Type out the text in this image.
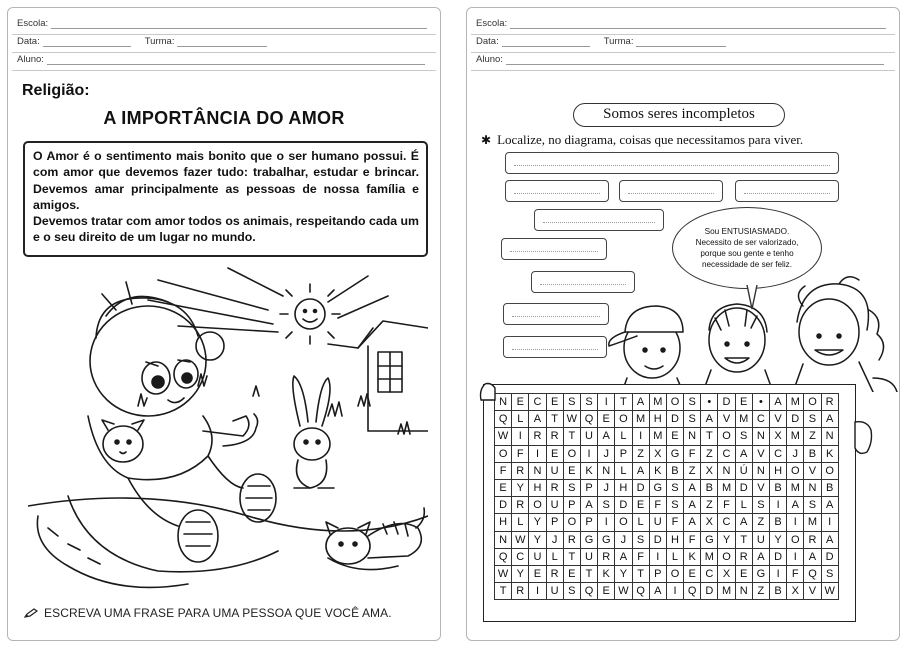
Escola:
Data:	Turma:
Aluno:
Religião:
A IMPORTÂNCIA DO AMOR

O Amor é o sentimento mais bonito que o ser humano possui. É com amor que devemos fazer tudo: trabalhar, estudar e brincar. Devemos amar principalmente as pessoas de nossa família e amigos.

Devemos tratar com amor todos os animais, respeitando cada um e o seu direito de um lugar no mundo.

ESCREVA UMA FRASE PARA UMA PESSOA QUE VOCÊ AMA.
Escola:
Data:	Turma:
Aluno:
Somos seres incompletos
✱ Localize, no diagrama, coisas que necessitamos para viver.
Sou ENTUSIASMADO.
Necessito de ser valorizado,
porque sou gente e tenho
necessidade de ser feliz.
N	E	C	E	S	S	I	T	A	M	O	S	•	D	E	•	A	M	O	R
Q	L	A	T	W	Q	E	O	M	H	D	S	A	V	M	C	V	D	S	A
W	I	R	R	T	U	A	L	I	M	E	N	T	O	S	N	X	M	Z	N
O	F	I	E	O	I	J	P	Z	X	G	F	Z	C	A	V	C	J	B	K
F	R	N	U	E	K	N	L	A	K	B	Z	X	N	Ú	N	H	O	V	O
E	Y	H	R	S	P	J	H	D	G	S	A	B	M	D	V	B	M	N	B
D	R	O	U	P	A	S	D	E	F	S	A	Z	F	L	S	I	A	S	A
H	L	Y	P	O	P	I	O	L	U	F	A	X	C	A	Z	B	I	M	I
N	W	Y	J	R	G	G	J	S	D	H	F	G	Y	T	U	Y	O	R	A
Q	C	U	L	T	U	R	A	F	I	L	K	M	O	R	A	D	I	A	D
W	Y	E	R	E	T	K	Y	T	P	O	E	C	X	E	G	I	F	Q	S
T	R	I	U	S	Q	E	W	Q	A	I	Q	D	M	N	Z	B	X	V	W
